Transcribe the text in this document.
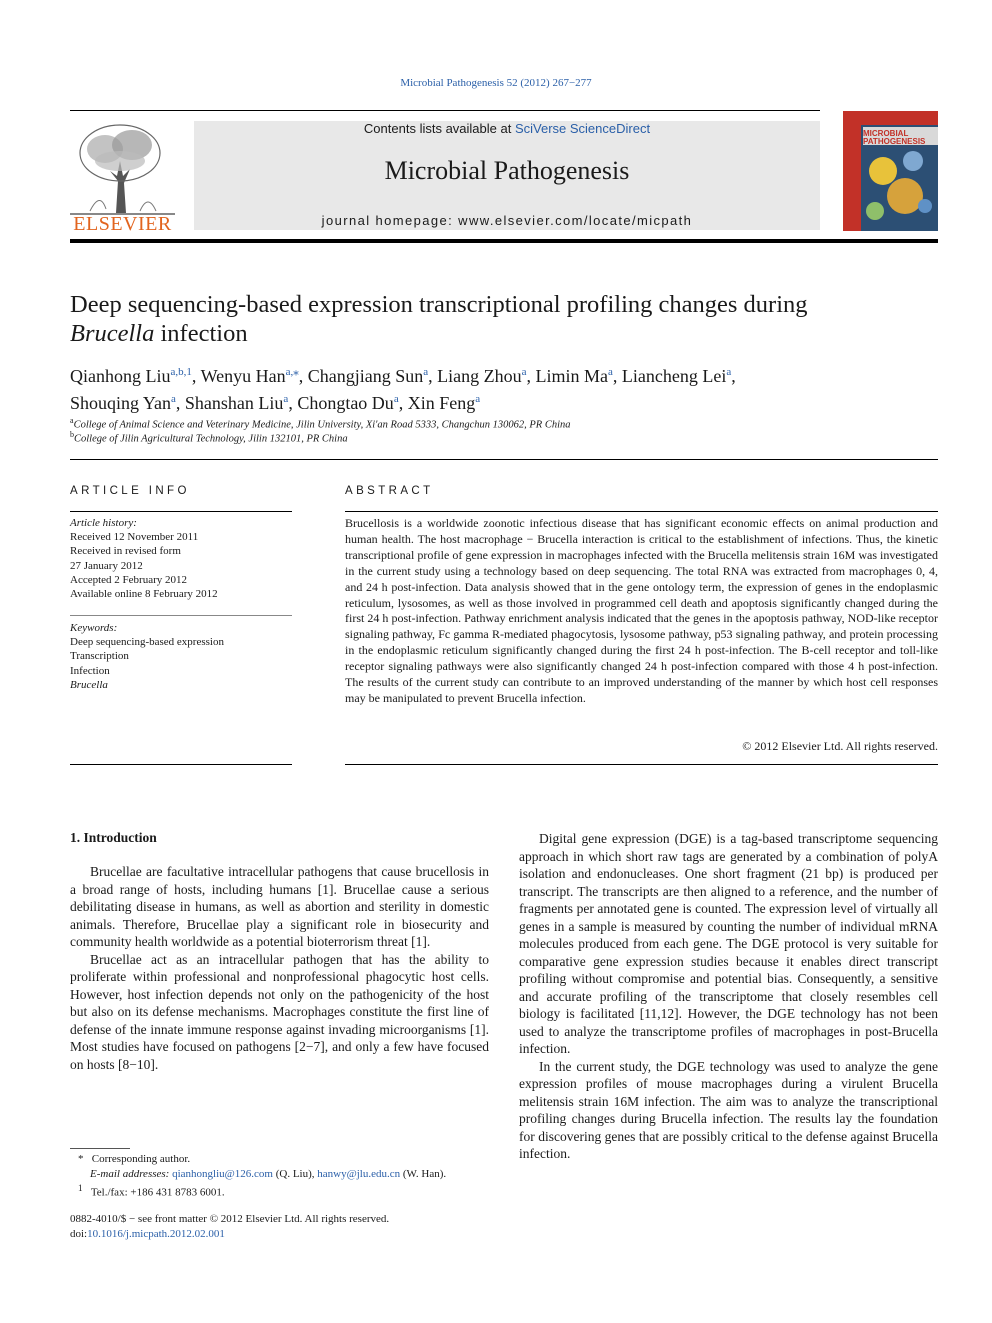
Microbial Pathogenesis 52 (2012) 267−277
ELSEVIER
Contents lists available at SciVerse ScienceDirect
Microbial Pathogenesis
journal homepage: www.elsevier.com/locate/micpath
MICROBIAL PATHOGENESIS
Deep sequencing-based expression transcriptional profiling changes during
Brucella infection
Qianhong Liu$^{a,b,1}$, Wenyu Han$^{a,⁎}$, Changjiang Sun$^a$, Liang Zhou$^a$, Limin Ma$^a$, Liancheng Lei$^a$,
Shouqing Yan$^a$, Shanshan Liu$^a$, Chongtao Du$^a$, Xin Feng$^a$
$^a$College of Animal Science and Veterinary Medicine, Jilin University, Xi'an Road 5333, Changchun 130062, PR China
$^b$College of Jilin Agricultural Technology, Jilin 132101, PR China
ARTICLE INFO
Article history:
Received 12 November 2011
Received in revised form
27 January 2012
Accepted 2 February 2012
Available online 8 February 2012
Keywords:
Deep sequencing-based expression
Transcription
Infection
Brucella
ABSTRACT
Brucellosis is a worldwide zoonotic infectious disease that has significant economic effects on animal production and human health. The host macrophage − Brucella interaction is critical to the establishment of infections. Thus, the kinetic transcriptional profile of gene expression in macrophages infected with the Brucella melitensis strain 16M was investigated in the current study using a technology based on deep sequencing. The total RNA was extracted from macrophages 0, 4, and 24 h post-infection. Data analysis showed that in the gene ontology term, the expression of genes in the endoplasmic reticulum, lysosomes, as well as those involved in programmed cell death and apoptosis significantly changed during the first 24 h post-infection. Pathway enrichment analysis indicated that the genes in the apoptosis pathway, NOD-like receptor signaling pathway, Fc gamma R-mediated phagocytosis, lysosome pathway, p53 signaling pathway, and protein processing in the endoplasmic reticulum significantly changed during the first 24 h post-infection. The B-cell receptor and toll-like receptor signaling pathways were also significantly changed 24 h post-infection compared with those 4 h post-infection. The results of the current study can contribute to an improved understanding of the manner by which host cell responses may be manipulated to prevent Brucella infection.
© 2012 Elsevier Ltd. All rights reserved.
1. Introduction

Brucellae are facultative intracellular pathogens that cause brucellosis in a broad range of hosts, including humans [1]. Brucellae cause a serious debilitating disease in humans, as well as abortion and sterility in domestic animals. Therefore, Brucellae play a significant role in biosecurity and community health worldwide as a potential bioterrorism threat [1].

Brucellae act as an intracellular pathogen that has the ability to proliferate within professional and nonprofessional phagocytic host cells. However, host infection depends not only on the pathogenicity of the host but also on its defense mechanisms. Macrophages constitute the first line of defense of the innate immune response against invading microorganisms [1]. Most studies have focused on pathogens [2−7], and only a few have focused on hosts [8−10].

Digital gene expression (DGE) is a tag-based transcriptome sequencing approach in which short raw tags are generated by a combination of polyA isolation and endonucleases. One short fragment (21 bp) is produced per transcript. The transcripts are then aligned to a reference, and the number of fragments per annotated gene is counted. The expression level of virtually all genes in a sample is measured by counting the number of individual mRNA molecules produced from each gene. The DGE protocol is very suitable for comparative gene expression studies because it enables direct transcript profiling without compromise and potential bias. Consequently, a sensitive and accurate profiling of the transcriptome that closely resembles cell biology is facilitated [11,12]. However, the DGE technology has not been used to analyze the transcriptome profiles of macrophages in post-Brucella infection.

In the current study, the DGE technology was used to analyze the gene expression profiles of mouse macrophages during a virulent Brucella melitensis strain 16M infection. The aim was to analyze the transcriptional profiling changes during Brucella infection. The results lay the foundation for discovering genes that are possibly critical to the defense against Brucella infection.

*   Corresponding author.
E-mail addresses: qianhongliu@126.com (Q. Liu), hanwy@jlu.edu.cn (W. Han).
$^1$ Tel./fax: +186 431 8783 6001.
0882-4010/$ − see front matter © 2012 Elsevier Ltd. All rights reserved.
doi:10.1016/j.micpath.2012.02.001
